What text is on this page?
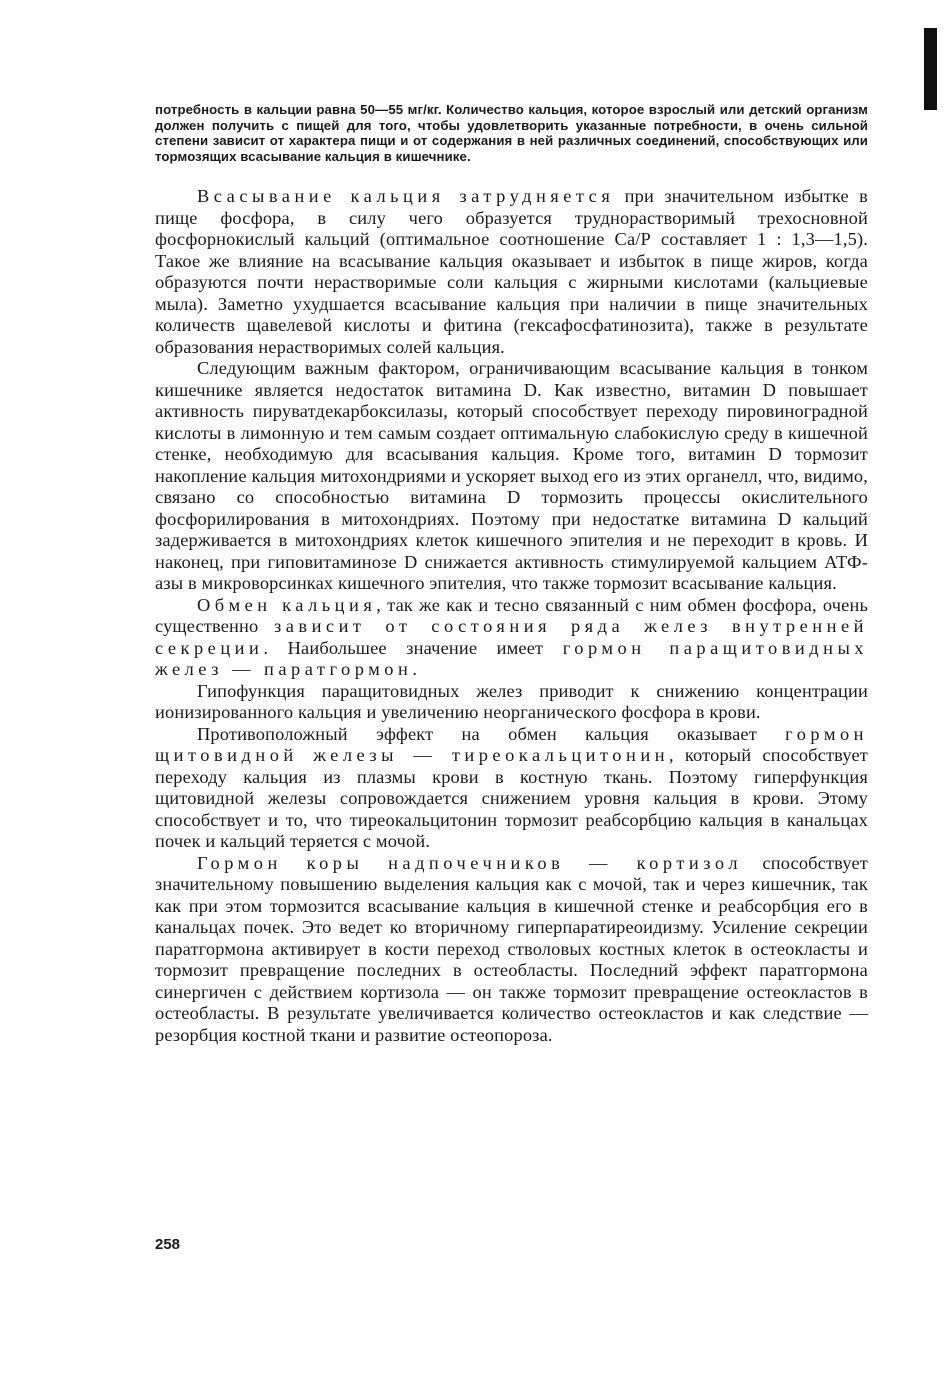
потребность в кальции равна 50—55 мг/кг. Количество кальция, которое взрослый или детский организм должен получить с пищей для того, чтобы удовлетворить указанные потребности, в очень сильной степени зависит от характера пищи и от содержания в ней различных соединений, способствующих или тормозящих всасывание кальция в кишечнике.

Всасывание кальция затрудняется при значительном избытке в пище фосфора, в силу чего образуется труднорастворимый трехосновной фосфорнокислый кальций (оптимальное соотношение Са/Р составляет 1 : 1,3—1,5). Такое же влияние на всасывание кальция оказывает и избыток в пище жиров, когда образуются почти нерастворимые соли кальция с жирными кислотами (кальциевые мыла). Заметно ухудшается всасывание кальция при наличии в пище значительных количеств щавелевой кислоты и фитина (гексафосфатинозита), также в результате образования нерастворимых солей кальция.

Следующим важным фактором, ограничивающим всасывание кальция в тонком кишечнике является недостаток витамина D. Как известно, витамин D повышает активность пируватдекарбоксилазы, который способствует переходу пировиноградной кислоты в лимонную и тем самым создает оптимальную слабокислую среду в кишечной стенке, необходимую для всасывания кальция. Кроме того, витамин D тормозит накопление кальция митохондриями и ускоряет выход его из этих органелл, что, видимо, связано со способностью витамина D тормозить процессы окислительного фосфорилирования в митохондриях. Поэтому при недостатке витамина D кальций задерживается в митохондриях клеток кишечного эпителия и не переходит в кровь. И наконец, при гиповитаминозе D снижается активность стимулируемой кальцием АТФ-азы в микроворсинках кишечного эпителия, что также тормозит всасывание кальция.

Обмен кальция, так же как и тесно связанный с ним обмен фосфора, очень существенно зависит от состояния ряда желез внутренней секреции. Наибольшее значение имеет гормон паращитовидных желез — паратгормон.

Гипофункция паращитовидных желез приводит к снижению концентрации ионизированного кальция и увеличению неорганического фосфора в крови.

Противоположный эффект на обмен кальция оказывает гормон щитовидной железы — тиреокальцитонин, который способствует переходу кальция из плазмы крови в костную ткань. Поэтому гиперфункция щитовидной железы сопровождается снижением уровня кальция в крови. Этому способствует и то, что тиреокальцитонин тормозит реабсорбцию кальция в канальцах почек и кальций теряется с мочой.

Гормон коры надпочечников — кортизол способствует значительному повышению выделения кальция как с мочой, так и через кишечник, так как при этом тормозится всасывание кальция в кишечной стенке и реабсорбция его в канальцах почек. Это ведет ко вторичному гиперпаратиреоидизму. Усиление секреции паратгормона активирует в кости переход стволовых костных клеток в остеокласты и тормозит превращение последних в остеобласты. Последний эффект паратгормона синергичен с действием кортизола — он также тормозит превращение остеокластов в остеобласты. В результате увеличивается количество остеокластов и как следствие — резорбция костной ткани и развитие остеопороза.

258
